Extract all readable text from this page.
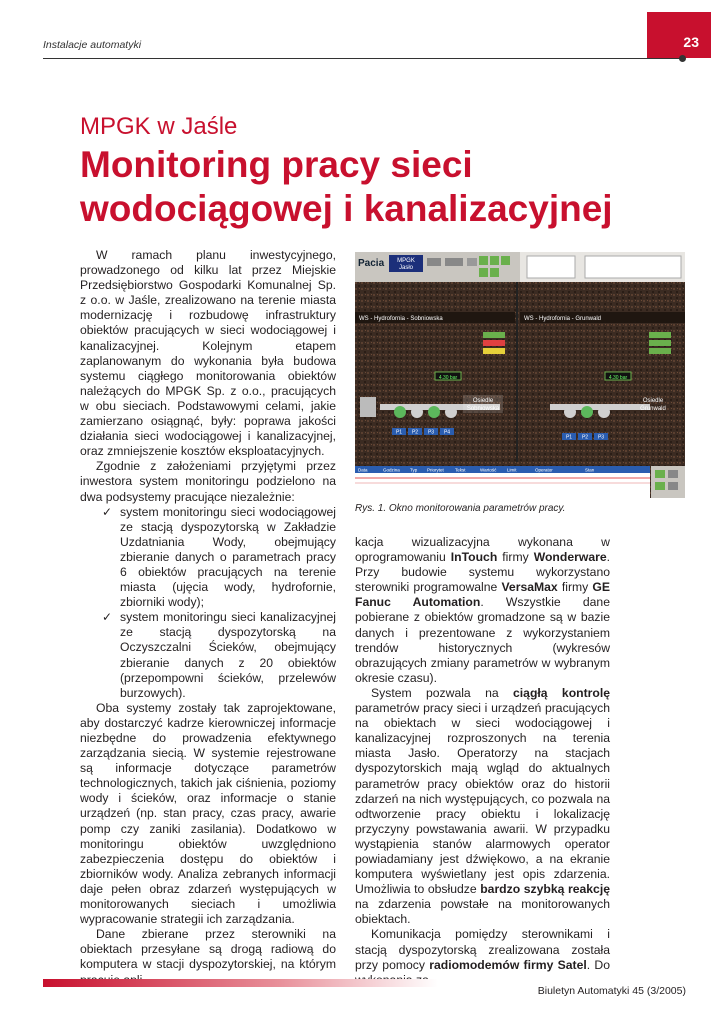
Instalacje automatyki	23
MPGK w Jaśle
Monitoring pracy sieci wodociągowej i kanalizacyjnej

W ramach planu inwestycyjnego, prowadzonego od kilku lat przez Miejskie Przedsiębiorstwo Gospodarki Komunalnej Sp. z o.o. w Jaśle, zrealizowano na terenie miasta modernizację i rozbudowę infrastruktury obiektów pracujących w sieci wodociągowej i kanalizacyjnej. Kolejnym etapem zaplanowanym do wykonania była budowa systemu ciągłego monitorowania obiektów należących do MPGK Sp. z o.o., pracujących w obu sieciach. Podstawowymi celami, jakie zamierzano osiągnąć, były: poprawa jakości działania sieci wodociągowej i kanalizacyjnej, oraz zmniejszenie kosztów eksploatacyjnych.

Zgodnie z założeniami przyjętymi przez inwestora system monitoringu podzielono na dwa podsystemy pracujące niezależnie:

✓ system monitoringu sieci wodociągowej ze stacją dyspozytorską w Zakładzie Uzdatniania Wody, obejmujący zbieranie danych o parametrach pracy 6 obiektów pracujących na terenie miasta (ujęcia wody, hydrofornie, zbiorniki wody);
✓ system monitoringu sieci kanalizacyjnej ze stacją dyspozytorską na Oczyszczalni Ścieków, obejmujący zbieranie danych z 20 obiektów (przepompowni ścieków, przelewów burzowych).

Oba systemy zostały tak zaprojektowane, aby dostarczyć kadrze kierowniczej informacje niezbędne do prowadzenia efektywnego zarządzania siecią. W systemie rejestrowane są informacje dotyczące parametrów technologicznych, takich jak ciśnienia, poziomy wody i ścieków, oraz informacje o stanie urządzeń (np. stan pracy, czas pracy, awarie pomp czy zaniki zasilania). Dodatkowo w monitoringu obiektów uwzględniono zabezpieczenia dostępu do obiektów i zbiorników wody. Analiza zebranych informacji daje pełen obraz zdarzeń występujących w monitorowanych sieciach i umożliwia wypracowanie strategii ich zarządzania.

Dane zbierane przez sterowniki na obiektach przesyłane są drogą radiową do komputera w stacji dyspozytorskiej, na którym

Pacia MPGK
Jasło
WS - Hydrofornia - Sobniowska	WS - Hydrofornia - Grunwald
4.30 bar	4.30 bar
P1 P2 P3 P4
P1 P2 P3
Osiedle
Sobniowska
Osiedle
Grunwald
Data	Godzina Typ Priorytet Tekst	Wartość Limit	Operator	Stan
Rys. 1. Okno monitorowania parametrów pracy.

kacja wizualizacyjna wykonana w oprogramowaniu InTouch firmy Wonderware. Przy budowie systemu wykorzystano sterowniki programowalne VersaMax firmy GE Fanuc Automation. Wszystkie dane pobierane z obiektów gromadzone są w bazie danych i prezentowane z wykorzystaniem trendów historycznych (wykresów obrazujących zmiany parametrów w wybranym okresie czasu).

System pozwala na ciągłą kontrolę parametrów pracy sieci i urządzeń pracujących na obiektach w sieci wodociągowej i kanalizacyjnej rozproszonych na terenia miasta Jasło. Operatorzy na stacjach dyspozytorskich mają wgląd do aktualnych parametrów pracy obiektów oraz do historii zdarzeń na nich występujących, co pozwala na odtworzenie pracy obiektu i lokalizację przyczyny powstawania awarii. W przypadku wystąpienia stanów alarmowych operator powiadamiany jest dźwiękowo, a na ekranie komputera wyświetlany jest opis zdarzenia. Umożliwia to obsłudze bardzo szybką reakcję na zdarzenia powstałe na monitorowanych obiektach.

Komunikacja pomiędzy sterownikami i stacją dyspozytorską zrealizowana została przy pomocy radiomodemów firmy Satel. Do

Biuletyn Automatyki 45 (3/2005)
